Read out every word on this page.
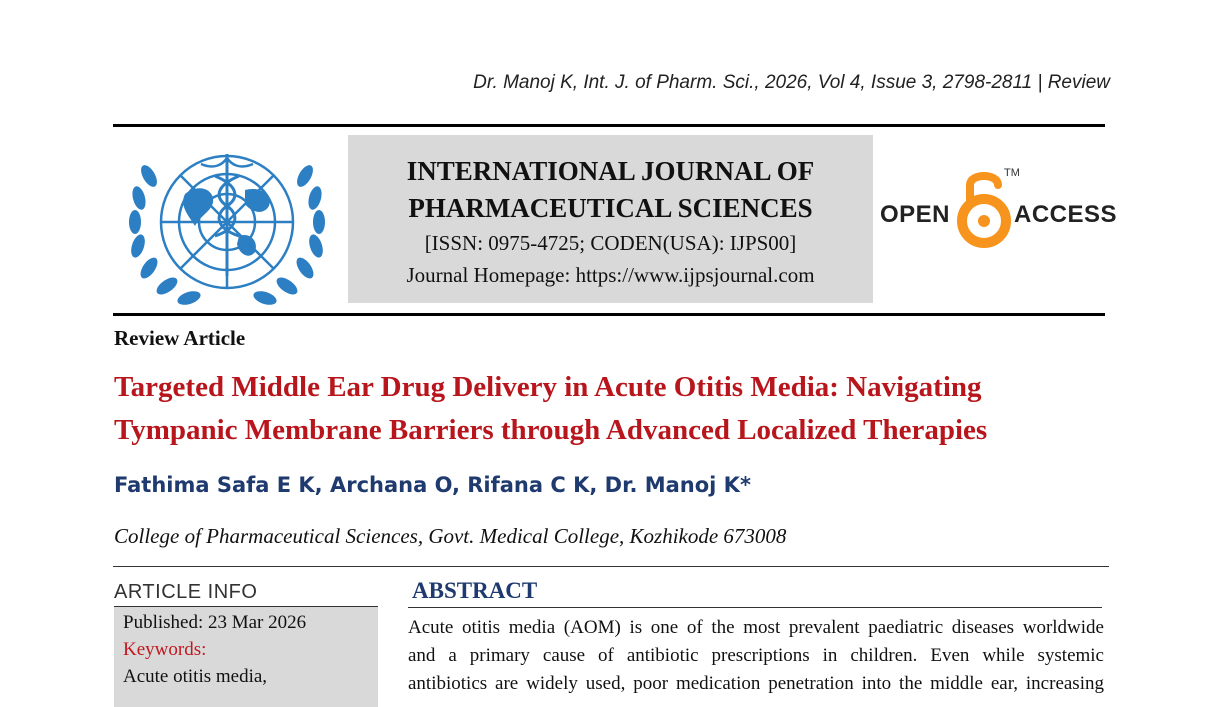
Dr. Manoj K, Int. J. of Pharm. Sci., 2026, Vol 4, Issue 3, 2798-2811 | Review
INTERNATIONAL JOURNAL OF
PHARMACEUTICAL SCIENCES
[ISSN: 0975-4725; CODEN(USA): IJPS00]
Journal Homepage: https://www.ijpsjournal.com
OPEN
TM
ACCESS
Review Article
Targeted Middle Ear Drug Delivery in Acute Otitis Media: Navigating
Tympanic Membrane Barriers through Advanced Localized Therapies
Fathima Safa E K, Archana O, Rifana C K, Dr. Manoj K*
College of Pharmaceutical Sciences, Govt. Medical College, Kozhikode 673008
ARTICLE INFO
Published: 23 Mar 2026
Keywords:
Acute otitis media,
ABSTRACT
Acute otitis media (AOM) is one of the most prevalent paediatric diseases worldwide
and a primary cause of antibiotic prescriptions in children. Even while systemic
antibiotics are widely used, poor medication penetration into the middle ear, increasing
